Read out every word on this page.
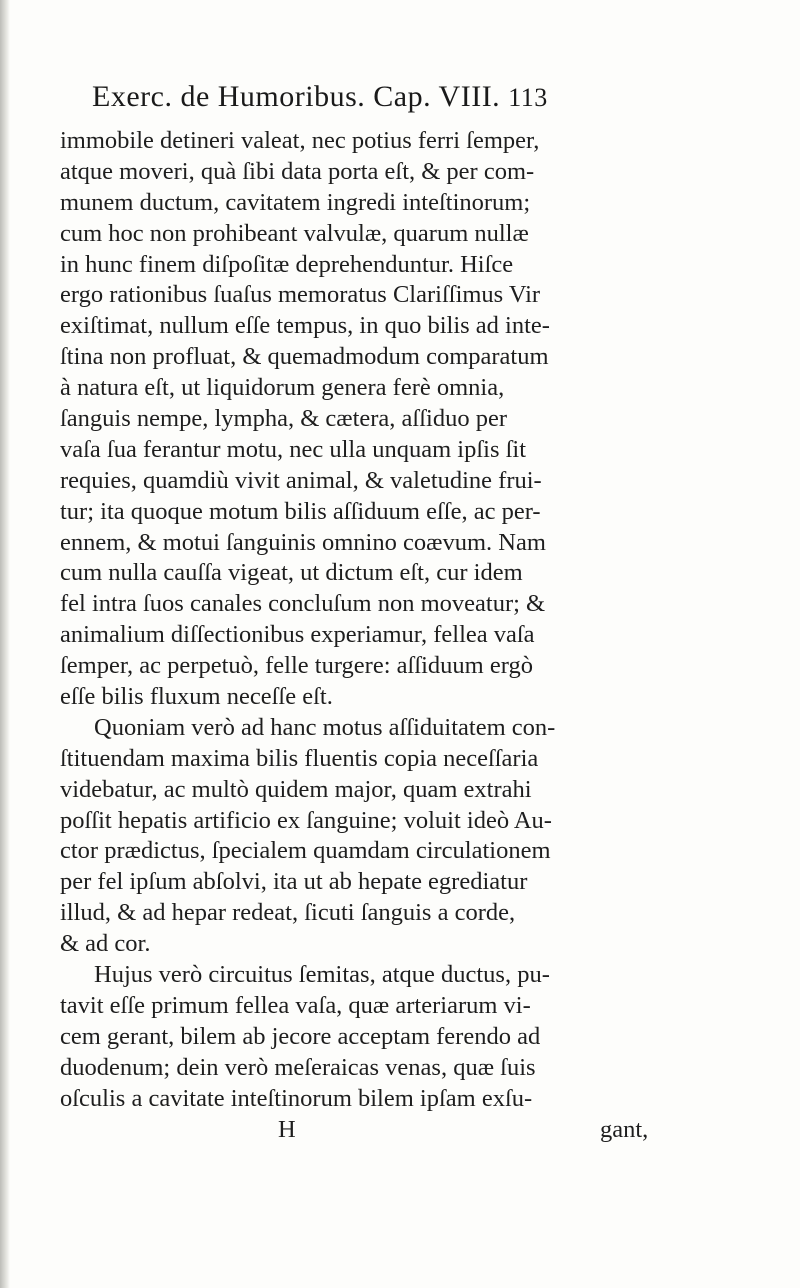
Exerc. de Humoribus. Cap. VIII. 113
immobile detineri valeat, nec potius ferri ſemper,
atque moveri, quà ſibi data porta eſt, & per com-
munem ductum, cavitatem ingredi inteſtinorum;
cum hoc non prohibeant valvulæ, quarum nullæ
in hunc finem diſpoſitæ deprehenduntur. Hiſce
ergo rationibus ſuaſus memoratus Clariſſimus Vir
exiſtimat, nullum eſſe tempus, in quo bilis ad inte-
ſtina non profluat, & quemadmodum comparatum
à natura eſt, ut liquidorum genera ferè omnia,
ſanguis nempe, lympha, & cætera, aſſiduo per
vaſa ſua ferantur motu, nec ulla unquam ipſis ſit
requies, quamdiù vivit animal, & valetudine frui-
tur; ita quoque motum bilis aſſiduum eſſe, ac per-
ennem, & motui ſanguinis omnino coævum. Nam
cum nulla cauſſa vigeat, ut dictum eſt, cur idem
fel intra ſuos canales concluſum non moveatur; &
animalium diſſectionibus experiamur, fellea vaſa
ſemper, ac perpetuò, felle turgere: aſſiduum ergò
eſſe bilis fluxum neceſſe eſt.
Quoniam verò ad hanc motus aſſiduitatem con-
ſtituendam maxima bilis fluentis copia neceſſaria
videbatur, ac multò quidem major, quam extrahi
poſſit hepatis artificio ex ſanguine; voluit ideò Au-
ctor prædictus, ſpecialem quamdam circulationem
per fel ipſum abſolvi, ita ut ab hepate egrediatur
illud, & ad hepar redeat, ſicuti ſanguis a corde,
& ad cor.
Hujus verò circuitus ſemitas, atque ductus, pu-
tavit eſſe primum fellea vaſa, quæ arteriarum vi-
cem gerant, bilem ab jecore acceptam ferendo ad
duodenum; dein verò meſeraicas venas, quæ ſuis
oſculis a cavitate inteſtinorum bilem ipſam exſu-
H	gant,
